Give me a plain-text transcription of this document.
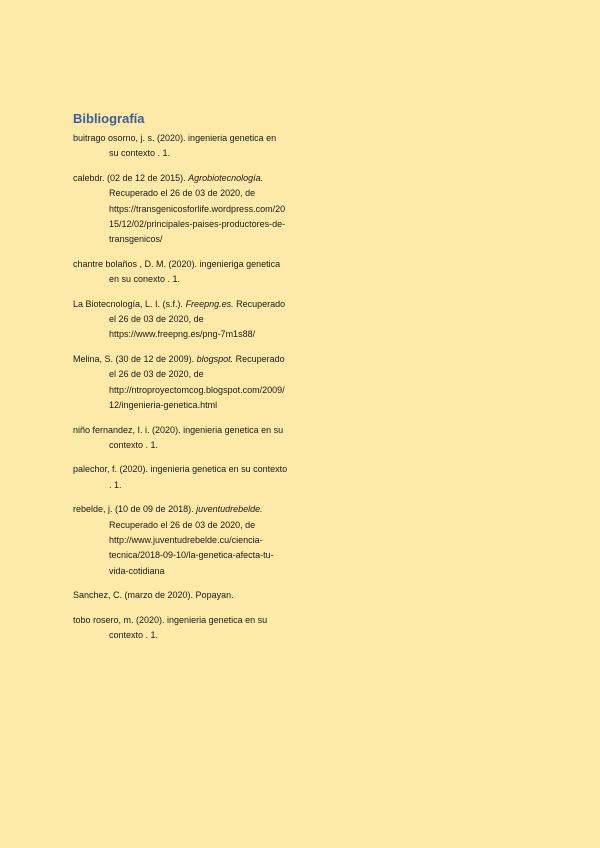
Bibliografía

buitrago osorno, j. s. (2020). ingenieria genetica en su contexto . 1.

calebdr. (02 de 12 de 2015). Agrobiotecnología. Recuperado el 26 de 03 de 2020, de https://transgenicosforlife.wordpress.com/2015/12/02/principales-paises-productores-de-transgenicos/

chantre bolaños , D. M. (2020). ingenieriga genetica en su conexto . 1.

La Biotecnología, L. I. (s.f.). Freepng.es. Recuperado el 26 de 03 de 2020, de https://www.freepng.es/png-7m1s88/

Melina, S. (30 de 12 de 2009). blogspot. Recuperado el 26 de 03 de 2020, de http://ntroproyectomcog.blogspot.com/2009/12/ingenieria-genetica.html

niño fernandez, I. i. (2020). ingenieria genetica en su contexto . 1.

palechor, f. (2020). ingenieria genetica en su contexto . 1.

rebelde, j. (10 de 09 de 2018). juventudrebelde. Recuperado el 26 de 03 de 2020, de http://www.juventudrebelde.cu/ciencia-tecnica/2018-09-10/la-genetica-afecta-tu-vida-cotidiana

Sanchez, C. (marzo de 2020). Popayan.

tobo rosero, m. (2020). ingenieria genetica en su contexto . 1.
